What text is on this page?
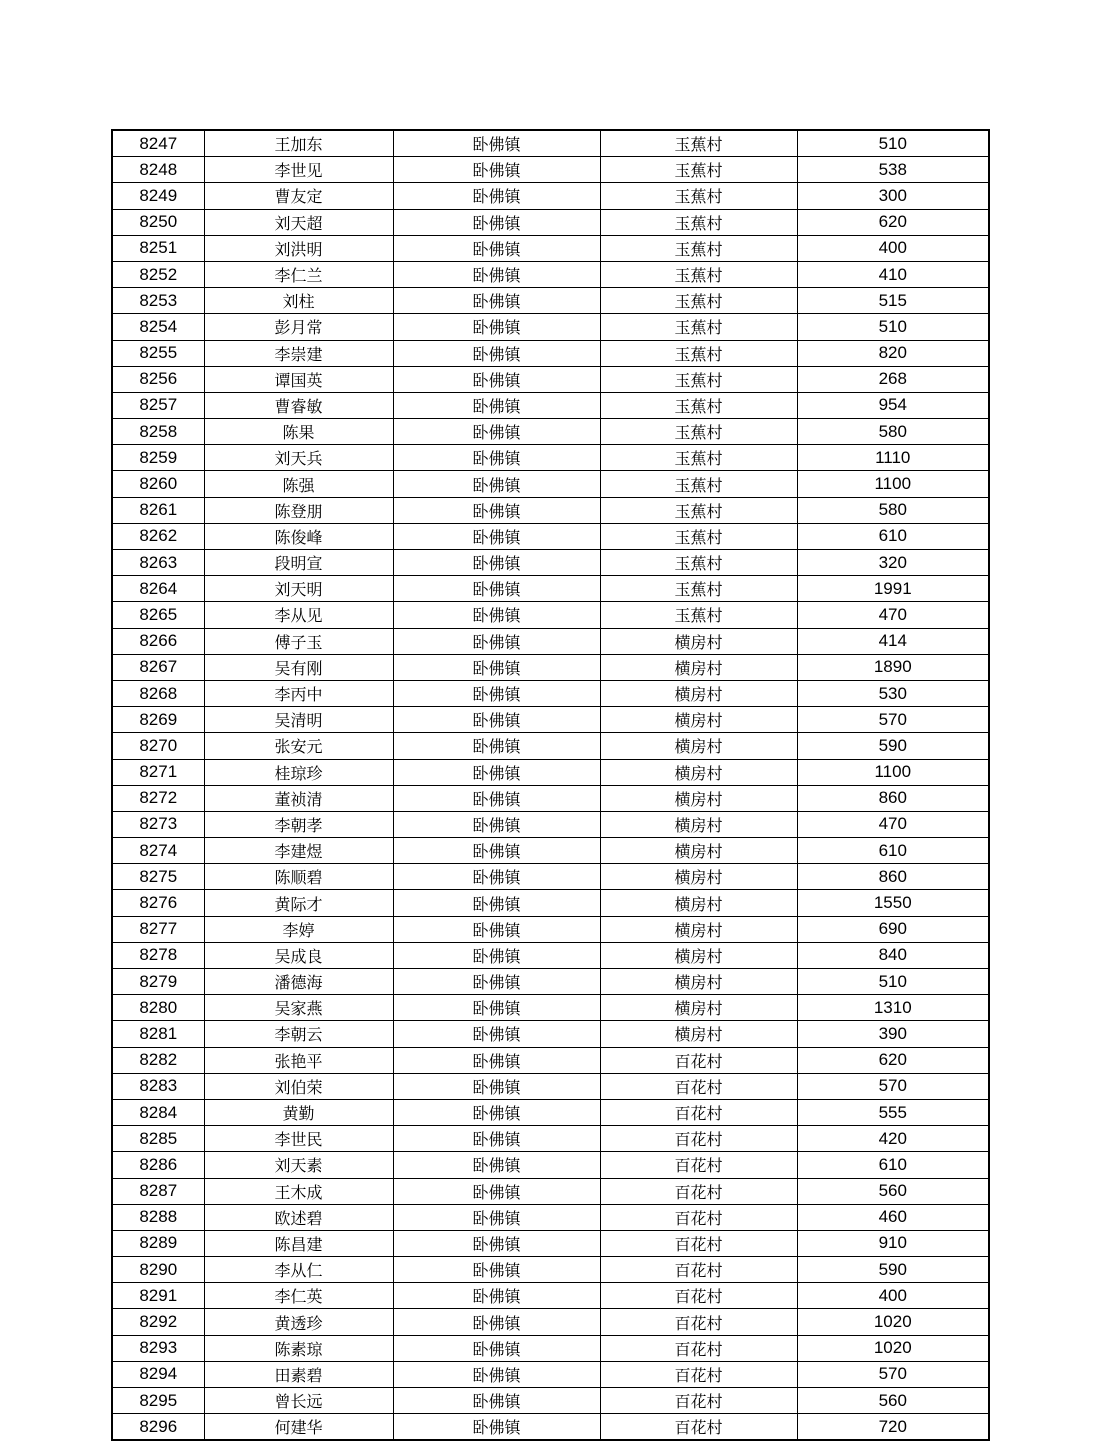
8247	王加东	卧佛镇	玉蕉村	510
8248	李世见	卧佛镇	玉蕉村	538
8249	曹友定	卧佛镇	玉蕉村	300
8250	刘天超	卧佛镇	玉蕉村	620
8251	刘洪明	卧佛镇	玉蕉村	400
8252	李仁兰	卧佛镇	玉蕉村	410
8253	刘柱	卧佛镇	玉蕉村	515
8254	彭月常	卧佛镇	玉蕉村	510
8255	李崇建	卧佛镇	玉蕉村	820
8256	谭国英	卧佛镇	玉蕉村	268
8257	曹睿敏	卧佛镇	玉蕉村	954
8258	陈果	卧佛镇	玉蕉村	580
8259	刘天兵	卧佛镇	玉蕉村	1110
8260	陈强	卧佛镇	玉蕉村	1100
8261	陈登朋	卧佛镇	玉蕉村	580
8262	陈俊峰	卧佛镇	玉蕉村	610
8263	段明宣	卧佛镇	玉蕉村	320
8264	刘天明	卧佛镇	玉蕉村	1991
8265	李从见	卧佛镇	玉蕉村	470
8266	傅子玉	卧佛镇	横房村	414
8267	吴有刚	卧佛镇	横房村	1890
8268	李丙中	卧佛镇	横房村	530
8269	吴清明	卧佛镇	横房村	570
8270	张安元	卧佛镇	横房村	590
8271	桂琼珍	卧佛镇	横房村	1100
8272	董祯清	卧佛镇	横房村	860
8273	李朝孝	卧佛镇	横房村	470
8274	李建煜	卧佛镇	横房村	610
8275	陈顺碧	卧佛镇	横房村	860
8276	黄际才	卧佛镇	横房村	1550
8277	李婷	卧佛镇	横房村	690
8278	吴成良	卧佛镇	横房村	840
8279	潘德海	卧佛镇	横房村	510
8280	吴家燕	卧佛镇	横房村	1310
8281	李朝云	卧佛镇	横房村	390
8282	张艳平	卧佛镇	百花村	620
8283	刘伯荣	卧佛镇	百花村	570
8284	黄勤	卧佛镇	百花村	555
8285	李世民	卧佛镇	百花村	420
8286	刘天素	卧佛镇	百花村	610
8287	王木成	卧佛镇	百花村	560
8288	欧述碧	卧佛镇	百花村	460
8289	陈昌建	卧佛镇	百花村	910
8290	李从仁	卧佛镇	百花村	590
8291	李仁英	卧佛镇	百花村	400
8292	黄透珍	卧佛镇	百花村	1020
8293	陈素琼	卧佛镇	百花村	1020
8294	田素碧	卧佛镇	百花村	570
8295	曾长远	卧佛镇	百花村	560
8296	何建华	卧佛镇	百花村	720
